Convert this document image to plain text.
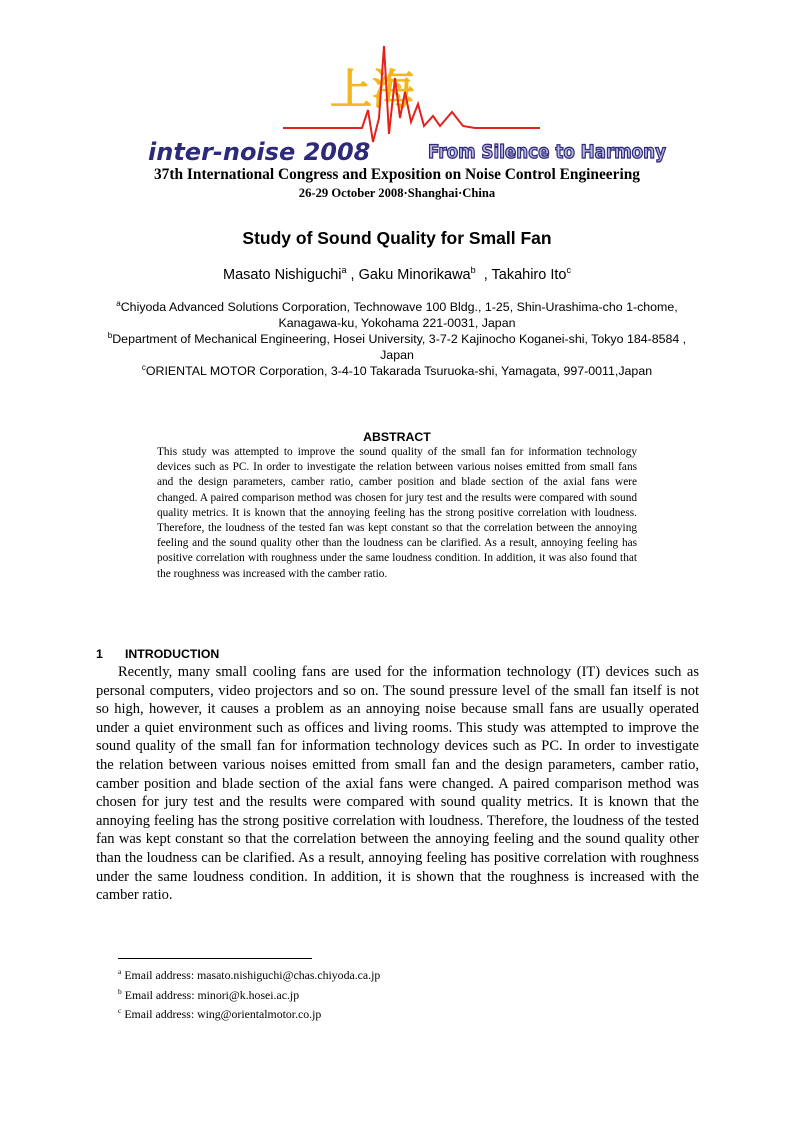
上海
inter-noise 2008	From Silence to Harmony
37th International Congress and Exposition on Noise Control Engineering
26-29 October 2008·Shanghai·China
Study of Sound Quality for Small Fan
Masato Nishiguchi$^a$ , Gaku Minorikawa$^b$  , Takahiro Ito$^c$
$^a$Chiyoda Advanced Solutions Corporation, Technowave 100 Bldg., 1-25, Shin-Urashima-cho 1-chome, Kanagawa-ku, Yokohama 221-0031, Japan
$^b$Department of Mechanical Engineering, Hosei University, 3-7-2 Kajinocho Koganei-shi, Tokyo 184-8584 , Japan
$^c$ORIENTAL MOTOR Corporation, 3-4-10 Takarada Tsuruoka-shi, Yamagata, 997-0011,Japan
ABSTRACT
This study was attempted to improve the sound quality of the small fan for information technology devices such as PC. In order to investigate the relation between various noises emitted from small fans and the design parameters, camber ratio, camber position and blade section of the axial fans were changed. A paired comparison method was chosen for jury test and the results were compared with sound quality metrics. It is known that the annoying feeling has the strong positive correlation with loudness. Therefore, the loudness of the tested fan was kept constant so that the correlation between the annoying feeling and the sound quality other than the loudness can be clarified. As a result, annoying feeling has positive correlation with roughness under the same loudness condition. In addition, it was also found that the roughness was increased with the camber ratio.
1 INTRODUCTION
Recently, many small cooling fans are used for the information technology (IT) devices such as personal computers, video projectors and so on. The sound pressure level of the small fan itself is not so high, however, it causes a problem as an annoying noise because small fans are usually operated under a quiet environment such as offices and living rooms. This study was attempted to improve the sound quality of the small fan for information technology devices such as PC. In order to investigate the relation between various noises emitted from small fan and the design parameters, camber ratio, camber position and blade section of the axial fans were changed. A paired comparison method was chosen for jury test and the results were compared with sound quality metrics. It is known that the annoying feeling has the strong positive correlation with loudness. Therefore, the loudness of the tested fan was kept constant so that the correlation between the annoying feeling and the sound quality other than the loudness can be clarified. As a result, annoying feeling has positive correlation with roughness under the same loudness condition. In addition, it is shown that the roughness is increased with the camber ratio.
$^a$ Email address: masato.nishiguchi@chas.chiyoda.ca.jp
$^b$ Email address: minori@k.hosei.ac.jp
$^c$ Email address: wing@orientalmotor.co.jp
